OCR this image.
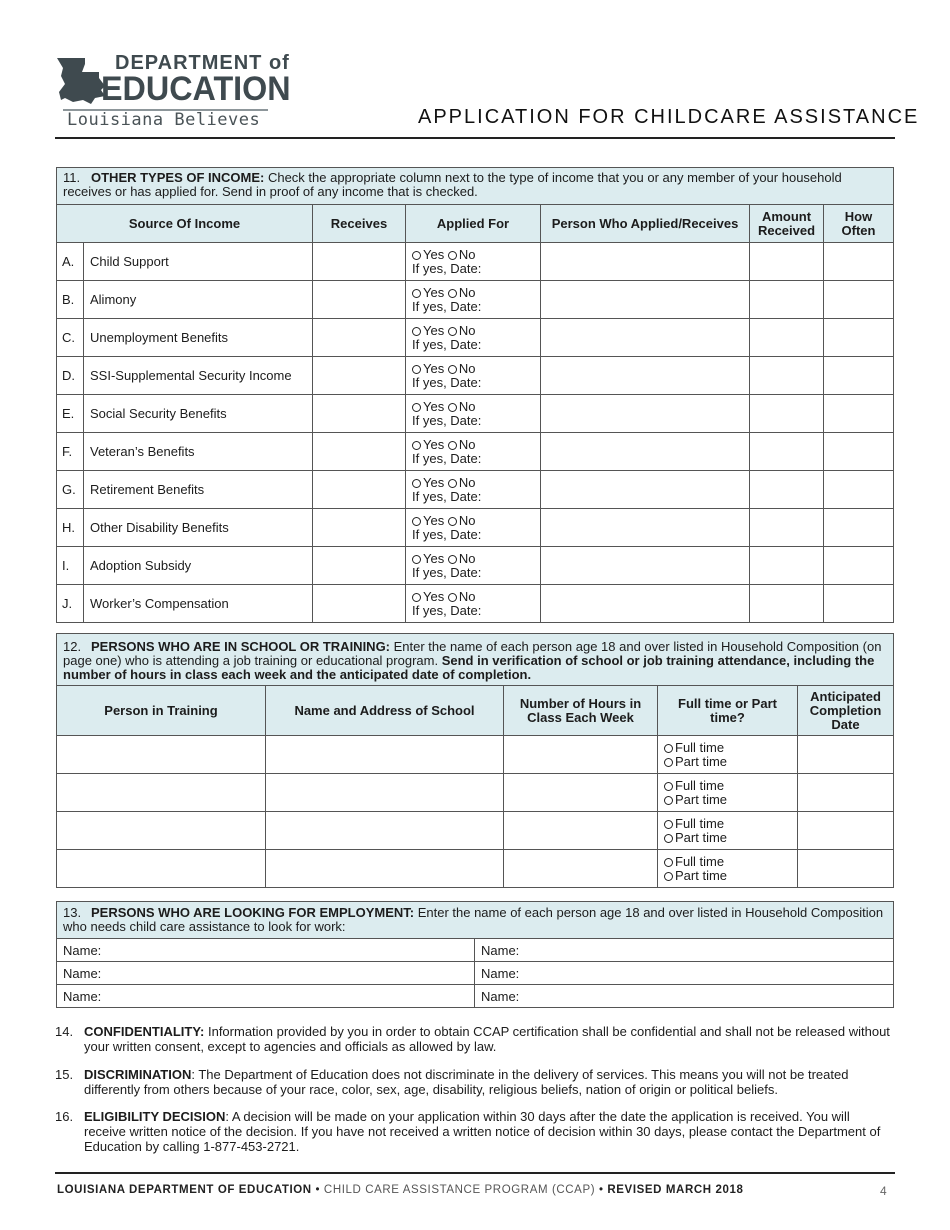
DEPARTMENT of
EDUCATION
Louisiana Believes	APPLICATION FOR CHILDCARE ASSISTANCE
11. OTHER TYPES OF INCOME: Check the appropriate column next to the type of income that you or any member of your household receives or has applied for. Send in proof of any income that is checked.						
Source Of Income		Receives	Applied For	Person Who Applied/Receives	Amount Received	How Often
A.	Child Support		Yes No
If yes, Date:			
B.	Alimony		Yes No
If yes, Date:			
C.	Unemployment Benefits		Yes No
If yes, Date:			
D.	SSI-Supplemental Security Income		Yes No
If yes, Date:			
E.	Social Security Benefits		Yes No
If yes, Date:			
F.	Veteran’s Benefits		Yes No
If yes, Date:			
G.	Retirement Benefits		Yes No
If yes, Date:			
H.	Other Disability Benefits		Yes No
If yes, Date:			
I.	Adoption Subsidy		Yes No
If yes, Date:			
J.	Worker’s Compensation		Yes No
If yes, Date:			
12. PERSONS WHO ARE IN SCHOOL OR TRAINING: Enter the name of each person age 18 and over listed in Household Composition (on page one) who is attending a job training or educational program. Send in verification of school or job training attendance, including the number of hours in class each week and the anticipated date of completion.				
Person in Training	Name and Address of School	Number of Hours in Class Each Week	Full time or Part time?	Anticipated Completion Date
			Full time
Part time	
			Full time
Part time	
			Full time
Part time	
			Full time
Part time	
13. PERSONS WHO ARE LOOKING FOR EMPLOYMENT: Enter the name of each person age 18 and over listed in Household Composition who needs child care assistance to look for work:	
Name:	Name:
Name:	Name:
Name:	Name:
14. CONFIDENTIALITY: Information provided by you in order to obtain CCAP certification shall be confidential and shall not be released without your written consent, except to agencies and officials as allowed by law.
15. DISCRIMINATION: The Department of Education does not discriminate in the delivery of services. This means you will not be treated differently from others because of your race, color, sex, age, disability, religious beliefs, nation of origin or political beliefs.
16. ELIGIBILITY DECISION: A decision will be made on your application within 30 days after the date the application is received. You will receive written notice of the decision. If you have not received a written notice of decision within 30 days, please contact the Department of Education by calling 1-877-453-2721.
LOUISIANA DEPARTMENT OF EDUCATION • CHILD CARE ASSISTANCE PROGRAM (CCAP) • REVISED MARCH 2018	4
